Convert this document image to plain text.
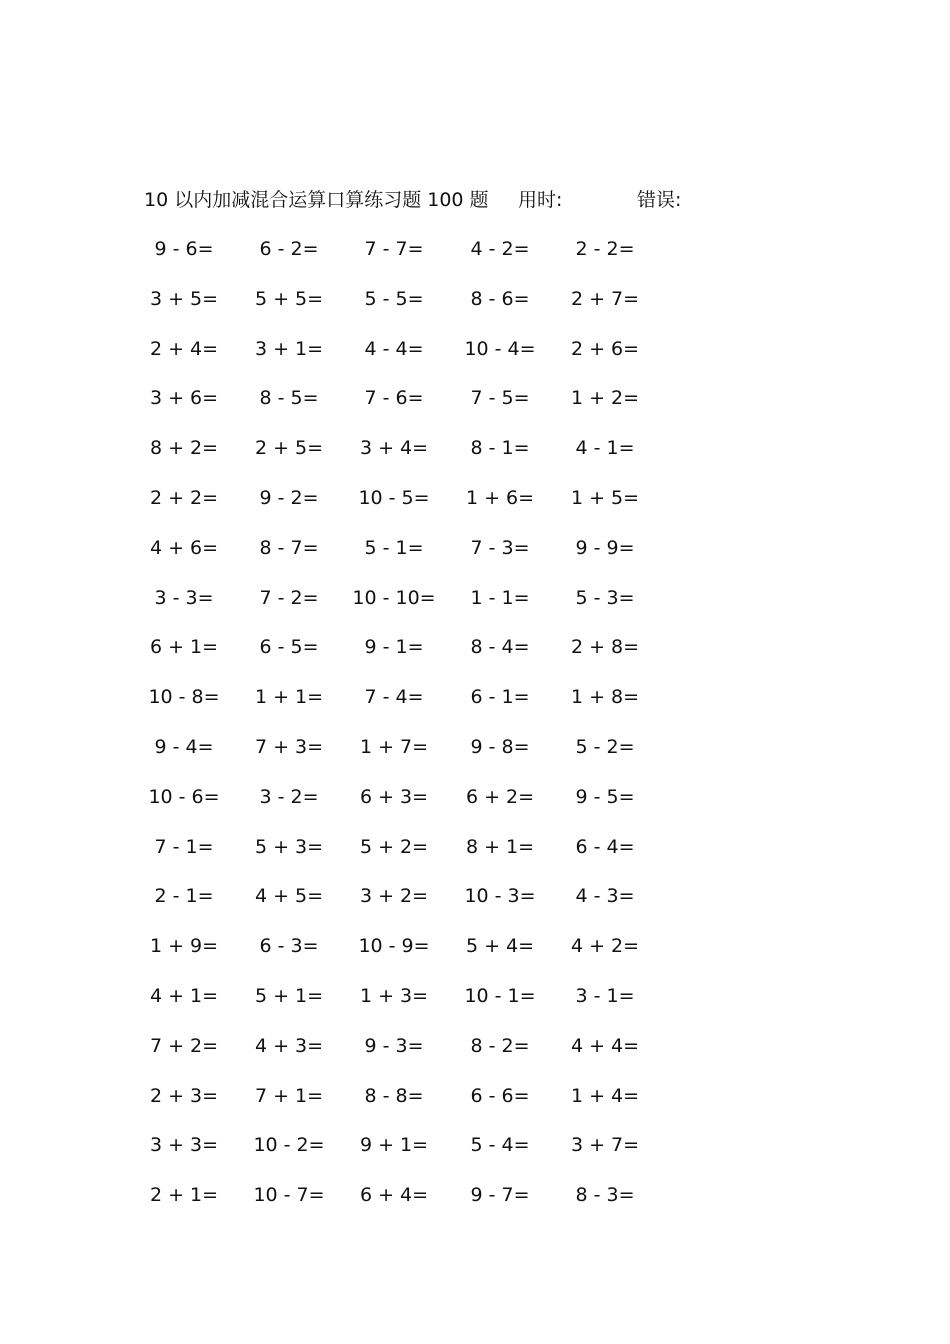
10 以内加减混合运算口算练习题 100 题 用时:	错误:
9 - 6=	6 - 2=	7 - 7=	4 - 2=	2 - 2=
3 + 5=	5 + 5=	5 - 5=	8 - 6=	2 + 7=
2 + 4=	3 + 1=	4 - 4=	10 - 4=	2 + 6=
3 + 6=	8 - 5=	7 - 6=	7 - 5=	1 + 2=
8 + 2=	2 + 5=	3 + 4=	8 - 1=	4 - 1=
2 + 2=	9 - 2=	10 - 5=	1 + 6=	1 + 5=
4 + 6=	8 - 7=	5 - 1=	7 - 3=	9 - 9=
3 - 3=	7 - 2=	10 - 10=	1 - 1=	5 - 3=
6 + 1=	6 - 5=	9 - 1=	8 - 4=	2 + 8=
10 - 8=	1 + 1=	7 - 4=	6 - 1=	1 + 8=
9 - 4=	7 + 3=	1 + 7=	9 - 8=	5 - 2=
10 - 6=	3 - 2=	6 + 3=	6 + 2=	9 - 5=
7 - 1=	5 + 3=	5 + 2=	8 + 1=	6 - 4=
2 - 1=	4 + 5=	3 + 2=	10 - 3=	4 - 3=
1 + 9=	6 - 3=	10 - 9=	5 + 4=	4 + 2=
4 + 1=	5 + 1=	1 + 3=	10 - 1=	3 - 1=
7 + 2=	4 + 3=	9 - 3=	8 - 2=	4 + 4=
2 + 3=	7 + 1=	8 - 8=	6 - 6=	1 + 4=
3 + 3=	10 - 2=	9 + 1=	5 - 4=	3 + 7=
2 + 1=	10 - 7=	6 + 4=	9 - 7=	8 - 3=
